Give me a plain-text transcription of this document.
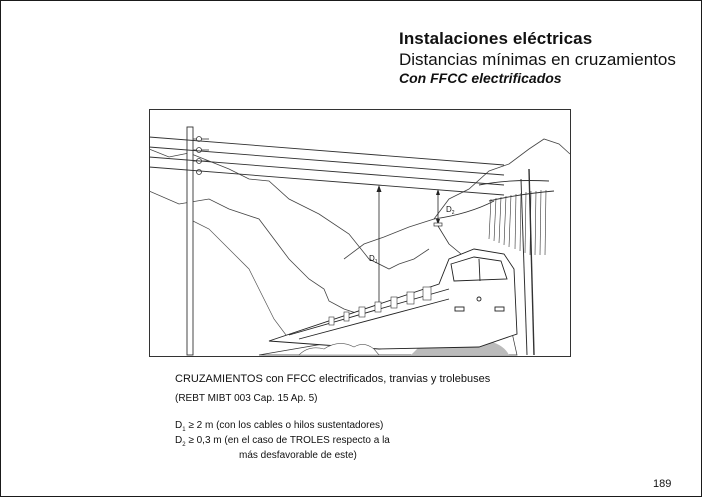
Instalaciones eléctricas
Distancias mínimas en cruzamientos
Con FFCC electrificados
$D_1$
$D_2$

CRUZAMIENTOS con FFCC electrificados, tranvias y trolebuses

(REBT MIBT 003 Cap. 15 Ap. 5)

$D_1 \ge 2$ m (con los cables o hilos sustentadores)

$D_2 \ge 0,3$ m (en el caso de TROLES respecto a la

más desfavorable de este)

189
